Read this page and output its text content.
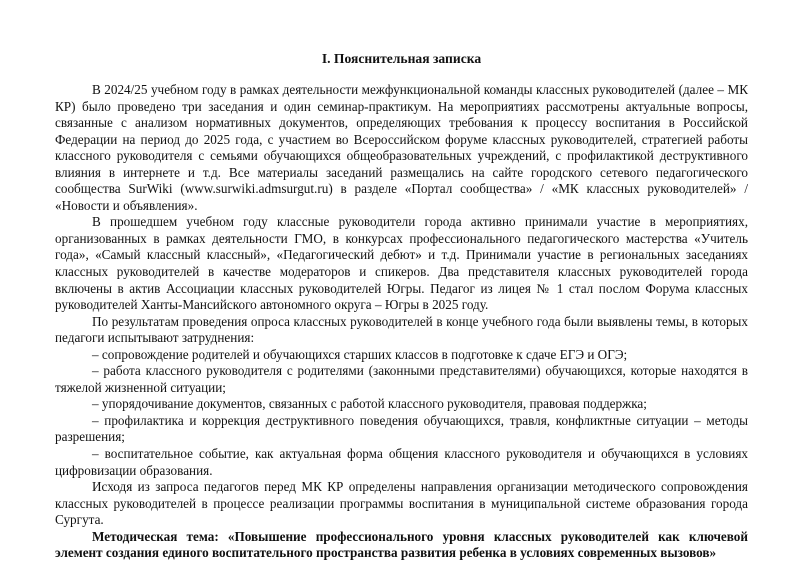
I. Пояснительная записка

В 2024/25 учебном году в рамках деятельности межфункциональной команды классных руководителей (далее – МК КР) было проведено три заседания и один семинар-практикум. На мероприятиях рассмотрены актуальные вопросы, связанные с анализом нормативных документов, определяющих требования к процессу воспитания в Российской Федерации на период до 2025 года, с участием во Всероссийском форуме классных руководителей, стратегией работы классного руководителя с семьями обучающихся общеобразовательных учреждений, с профилактикой деструктивного влияния в интернете и т.д. Все материалы заседаний размещались на сайте городского сетевого педагогического сообщества SurWiki (www.surwiki.admsurgut.ru) в разделе «Портал сообщества» / «МК классных руководителей» / «Новости и объявления».

В прошедшем учебном году классные руководители города активно принимали участие в мероприятиях, организованных в рамках деятельности ГМО, в конкурсах профессионального педагогического мастерства «Учитель года», «Самый классный классный», «Педагогический дебют» и т.д. Принимали участие в региональных заседаниях классных руководителей в качестве модераторов и спикеров. Два представителя классных руководителей города включены в актив Ассоциации классных руководителей Югры. Педагог из лицея № 1 стал послом Форума классных руководителей Ханты-Мансийского автономного округа – Югры в 2025 году.

По результатам проведения опроса классных руководителей в конце учебного года были выявлены темы, в которых педагоги испытывают затруднения:

– сопровождение родителей и обучающихся старших классов в подготовке к сдаче ЕГЭ и ОГЭ;

– работа классного руководителя с родителями (законными представителями) обучающихся, которые находятся в тяжелой жизненной ситуации;

– упорядочивание документов, связанных с работой классного руководителя, правовая поддержка;

– профилактика и коррекция деструктивного поведения обучающихся, травля, конфликтные ситуации – методы разрешения;

– воспитательное событие, как актуальная форма общения классного руководителя и обучающихся в условиях цифровизации образования.

Исходя из запроса педагогов перед МК КР определены направления организации методического сопровождения классных руководителей в процессе реализации программы воспитания в муниципальной системе образования города Сургута.

Методическая тема: «Повышение профессионального уровня классных руководителей как ключевой элемент создания единого воспитательного пространства развития ребенка в условиях современных вызовов»
